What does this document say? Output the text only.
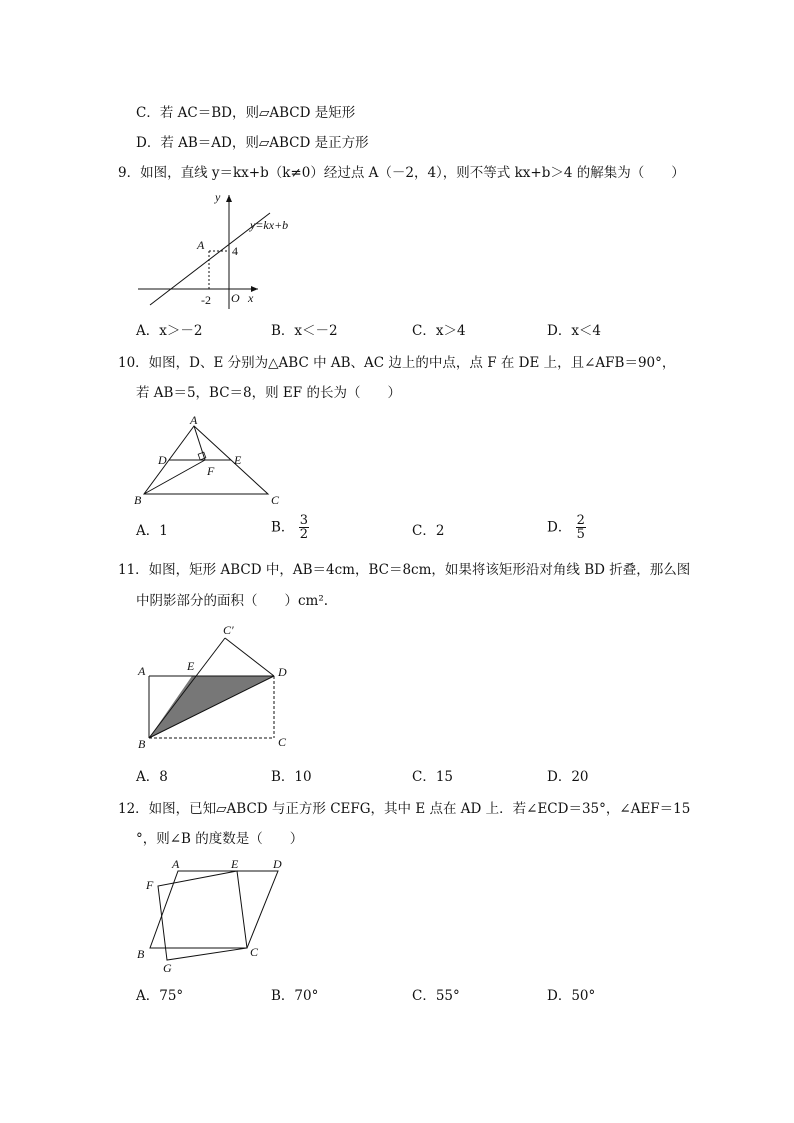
C．若 AC＝BD，则▱ABCD 是矩形
D．若 AB＝AD，则▱ABCD 是正方形
9．如图，直线 y＝kx+b（k≠0）经过点 A（－2，4），则不等式 kx+b＞4 的解集为（　　）
y=kx+b
y
x
O
A 4
-2
A．x＞－2	B．x＜－2	C．x＞4	D．x＜4
10．如图，D、E 分别为△ABC 中 AB、AC 边上的中点，点 F 在 DE 上，且∠AFB＝90°，
若 AB＝5，BC＝8，则 EF 的长为（　　）
A
B	C
D	E
F
A．1	B． $\frac{3}{2}$	C．2	D． $\frac{2}{5}$
11．如图，矩形 ABCD 中，AB＝4cm，BC＝8cm，如果将该矩形沿对角线 BD 折叠，那么图
中阴影部分的面积（　　）cm².
C′
A	E	D
B	C
A．8	B．10	C．15	D．20
12．如图，已知▱ABCD 与正方形 CEFG，其中 E 点在 AD 上．若∠ECD＝35°，∠AEF＝15
°，则∠B 的度数是（　　）
A	E	D
F
B	C
G
A．75°	B．70°	C．55°	D．50°
